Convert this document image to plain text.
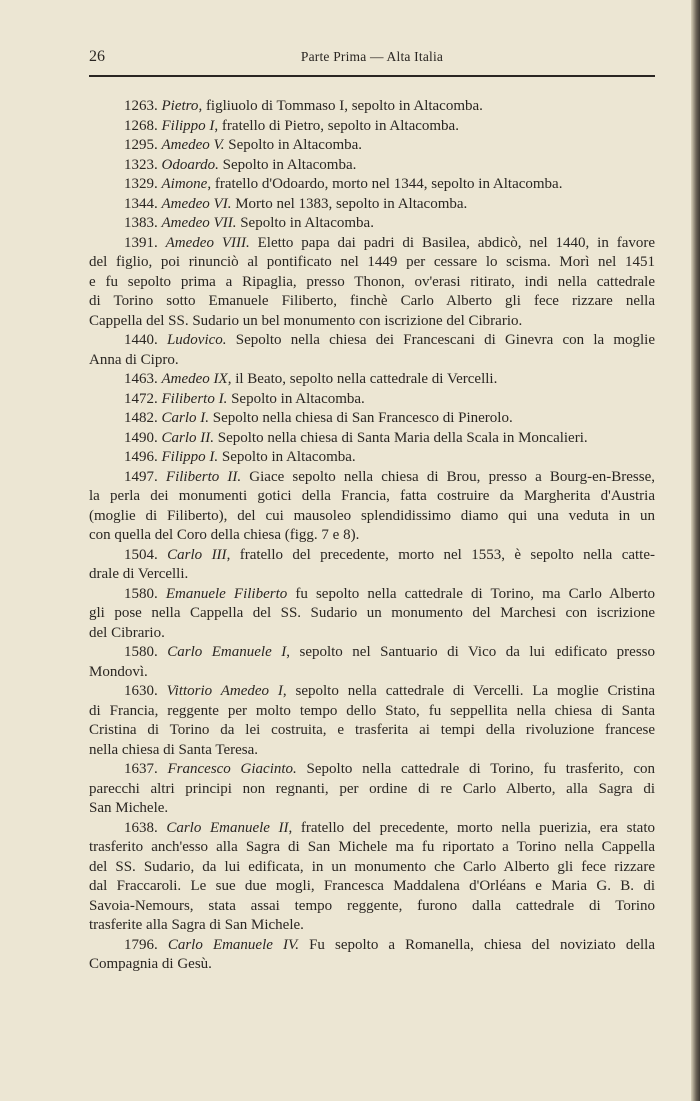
26	Parte Prima — Alta Italia
1263. Pietro, figliuolo di Tommaso I, sepolto in Altacomba.
1268. Filippo I, fratello di Pietro, sepolto in Altacomba.
1295. Amedeo V. Sepolto in Altacomba.
1323. Odoardo. Sepolto in Altacomba.
1329. Aimone, fratello d'Odoardo, morto nel 1344, sepolto in Altacomba.
1344. Amedeo VI. Morto nel 1383, sepolto in Altacomba.
1383. Amedeo VII. Sepolto in Altacomba.
1391. Amedeo VIII. Eletto papa dai padri di Basilea, abdicò, nel 1440, in favore
del figlio, poi rinunciò al pontificato nel 1449 per cessare lo scisma. Morì nel 1451
e fu sepolto prima a Ripaglia, presso Thonon, ov'erasi ritirato, indi nella cattedrale
di Torino sotto Emanuele Filiberto, finchè Carlo Alberto gli fece rizzare nella
Cappella del SS. Sudario un bel monumento con iscrizione del Cibrario.
1440. Ludovico. Sepolto nella chiesa dei Francescani di Ginevra con la moglie
Anna di Cipro.
1463. Amedeo IX, il Beato, sepolto nella cattedrale di Vercelli.
1472. Filiberto I. Sepolto in Altacomba.
1482. Carlo I. Sepolto nella chiesa di San Francesco di Pinerolo.
1490. Carlo II. Sepolto nella chiesa di Santa Maria della Scala in Moncalieri.
1496. Filippo I. Sepolto in Altacomba.
1497. Filiberto II. Giace sepolto nella chiesa di Brou, presso a Bourg-en-Bresse,
la perla dei monumenti gotici della Francia, fatta costruire da Margherita d'Austria
(moglie di Filiberto), del cui mausoleo splendidissimo diamo qui una veduta in un
con quella del Coro della chiesa (figg. 7 e 8).
1504. Carlo III, fratello del precedente, morto nel 1553, è sepolto nella catte-
drale di Vercelli.
1580. Emanuele Filiberto fu sepolto nella cattedrale di Torino, ma Carlo Alberto
gli pose nella Cappella del SS. Sudario un monumento del Marchesi con iscrizione
del Cibrario.
1580. Carlo Emanuele I, sepolto nel Santuario di Vico da lui edificato presso
Mondovì.
1630. Vittorio Amedeo I, sepolto nella cattedrale di Vercelli. La moglie Cristina
di Francia, reggente per molto tempo dello Stato, fu seppellita nella chiesa di Santa
Cristina di Torino da lei costruita, e trasferita ai tempi della rivoluzione francese
nella chiesa di Santa Teresa.
1637. Francesco Giacinto. Sepolto nella cattedrale di Torino, fu trasferito, con
parecchi altri principi non regnanti, per ordine di re Carlo Alberto, alla Sagra di
San Michele.
1638. Carlo Emanuele II, fratello del precedente, morto nella puerizia, era stato
trasferito anch'esso alla Sagra di San Michele ma fu riportato a Torino nella Cappella
del SS. Sudario, da lui edificata, in un monumento che Carlo Alberto gli fece rizzare
dal Fraccaroli. Le sue due mogli, Francesca Maddalena d'Orléans e Maria G. B. di
Savoia-Nemours, stata assai tempo reggente, furono dalla cattedrale di Torino
trasferite alla Sagra di San Michele.
1796. Carlo Emanuele IV. Fu sepolto a Romanella, chiesa del noviziato della
Compagnia di Gesù.
